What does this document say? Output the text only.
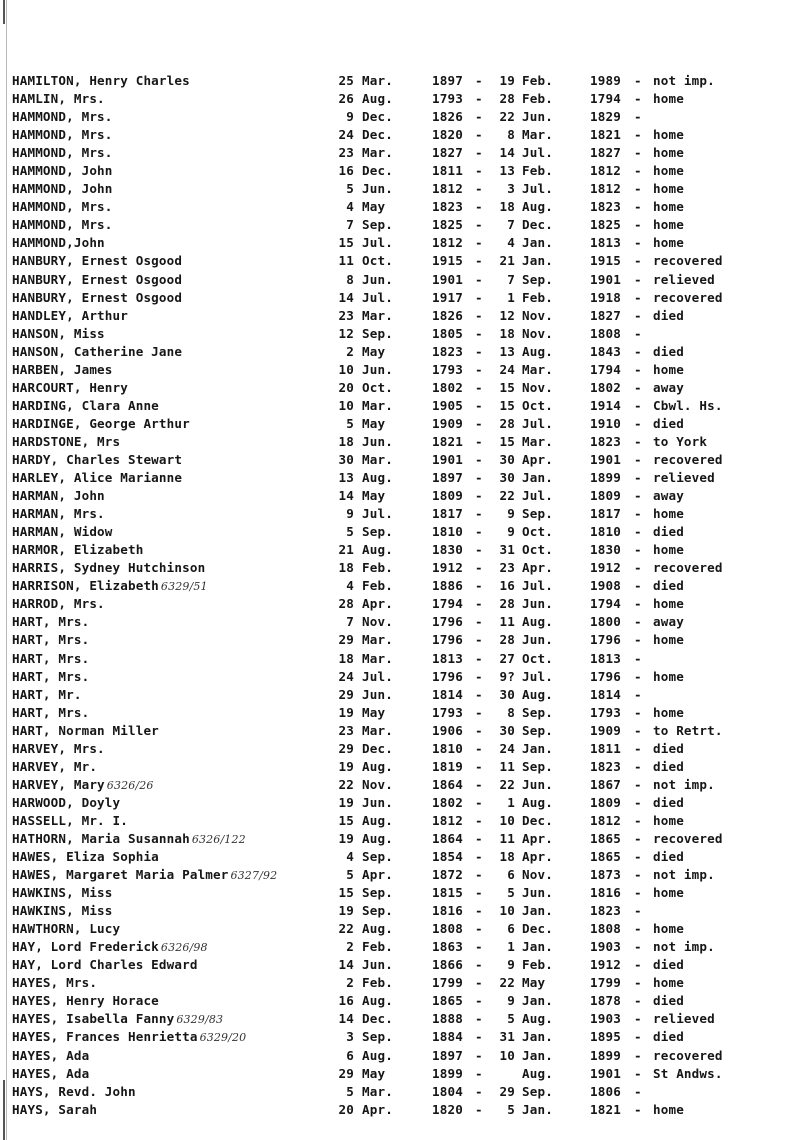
HAMILTON, Henry Charles	25 Mar.	1897 -	19 Feb.	1989 - not imp.
HAMLIN, Mrs.	26 Aug.	1793 -	28 Feb.	1794 - home
HAMMOND, Mrs.	9 Dec.	1826 -	22 Jun.	1829 -
HAMMOND, Mrs.	24 Dec.	1820 -	8 Mar.	1821 - home
HAMMOND, Mrs.	23 Mar.	1827 -	14 Jul.	1827 - home
HAMMOND, John	16 Dec.	1811 -	13 Feb.	1812 - home
HAMMOND, John	5 Jun.	1812 -	3 Jul.	1812 - home
HAMMOND, Mrs.	4 May	1823 -	18 Aug.	1823 - home
HAMMOND, Mrs.	7 Sep.	1825 -	7 Dec.	1825 - home
HAMMOND,John	15 Jul.	1812 -	4 Jan.	1813 - home
HANBURY, Ernest Osgood	11 Oct.	1915 -	21 Jan.	1915 - recovered
HANBURY, Ernest Osgood	8 Jun.	1901 -	7 Sep.	1901 - relieved
HANBURY, Ernest Osgood	14 Jul.	1917 -	1 Feb.	1918 - recovered
HANDLEY, Arthur	23 Mar.	1826 -	12 Nov.	1827 - died
HANSON, Miss	12 Sep.	1805 -	18 Nov.	1808 -
HANSON, Catherine Jane	2 May	1823 -	13 Aug.	1843 - died
HARBEN, James	10 Jun.	1793 -	24 Mar.	1794 - home
HARCOURT, Henry	20 Oct.	1802 -	15 Nov.	1802 - away
HARDING, Clara Anne	10 Mar.	1905 -	15 Oct.	1914 - Cbwl. Hs.
HARDINGE, George Arthur	5 May	1909 -	28 Jul.	1910 - died
HARDSTONE, Mrs	18 Jun.	1821 -	15 Mar.	1823 - to York
HARDY, Charles Stewart	30 Mar.	1901 -	30 Apr.	1901 - recovered
HARLEY, Alice Marianne	13 Aug.	1897 -	30 Jan.	1899 - relieved
HARMAN, John	14 May	1809 -	22 Jul.	1809 - away
HARMAN, Mrs.	9 Jul.	1817 -	9 Sep.	1817 - home
HARMAN, Widow	5 Sep.	1810 -	9 Oct.	1810 - died
HARMOR, Elizabeth	21 Aug.	1830 -	31 Oct.	1830 - home
HARRIS, Sydney Hutchinson	18 Feb.	1912 -	23 Apr.	1912 - recovered
HARRISON, Elizabeth 6329/51	4 Feb.	1886 -	16 Jul.	1908 - died
HARROD, Mrs.	28 Apr.	1794 -	28 Jun.	1794 - home
HART, Mrs.	7 Nov.	1796 -	11 Aug.	1800 - away
HART, Mrs.	29 Mar.	1796 -	28 Jun.	1796 - home
HART, Mrs.	18 Mar.	1813 -	27 Oct.	1813 -
HART, Mrs.	24 Jul.	1796 -	9? Jul.	1796 - home
HART, Mr.	29 Jun.	1814 -	30 Aug.	1814 -
HART, Mrs.	19 May	1793 -	8 Sep.	1793 - home
HART, Norman Miller	23 Mar.	1906 -	30 Sep.	1909 - to Retrt.
HARVEY, Mrs.	29 Dec.	1810 -	24 Jan.	1811 - died
HARVEY, Mr.	19 Aug.	1819 -	11 Sep.	1823 - died
HARVEY, Mary 6326/26	22 Nov.	1864 -	22 Jun.	1867 - not imp.
HARWOOD, Doyly	19 Jun.	1802 -	1 Aug.	1809 - died
HASSELL, Mr. I.	15 Aug.	1812 -	10 Dec.	1812 - home
HATHORN, Maria Susannah 6326/122	19 Aug.	1864 -	11 Apr.	1865 - recovered
HAWES, Eliza Sophia	4 Sep.	1854 -	18 Apr.	1865 - died
HAWES, Margaret Maria Palmer 6327/92	5 Apr.	1872 -	6 Nov.	1873 - not imp.
HAWKINS, Miss	15 Sep.	1815 -	5 Jun.	1816 - home
HAWKINS, Miss	19 Sep.	1816 -	10 Jan.	1823 -
HAWTHORN, Lucy	22 Aug.	1808 -	6 Dec.	1808 - home
HAY, Lord Frederick 6326/98	2 Feb.	1863 -	1 Jan.	1903 - not imp.
HAY, Lord Charles Edward	14 Jun.	1866 -	9 Feb.	1912 - died
HAYES, Mrs.	2 Feb.	1799 -	22 May	1799 - home
HAYES, Henry Horace	16 Aug.	1865 -	9 Jan.	1878 - died
HAYES, Isabella Fanny 6329/83	14 Dec.	1888 -	5 Aug.	1903 - relieved
HAYES, Frances Henrietta 6329/20	3 Sep.	1884 -	31 Jan.	1895 - died
HAYES, Ada	6 Aug.	1897 -	10 Jan.	1899 - recovered
HAYES, Ada	29 May	1899 -	Aug.	1901 - St Andws.
HAYS, Revd. John	5 Mar.	1804 -	29 Sep.	1806 -
HAYS, Sarah	20 Apr.	1820 -	5 Jan.	1821 - home
